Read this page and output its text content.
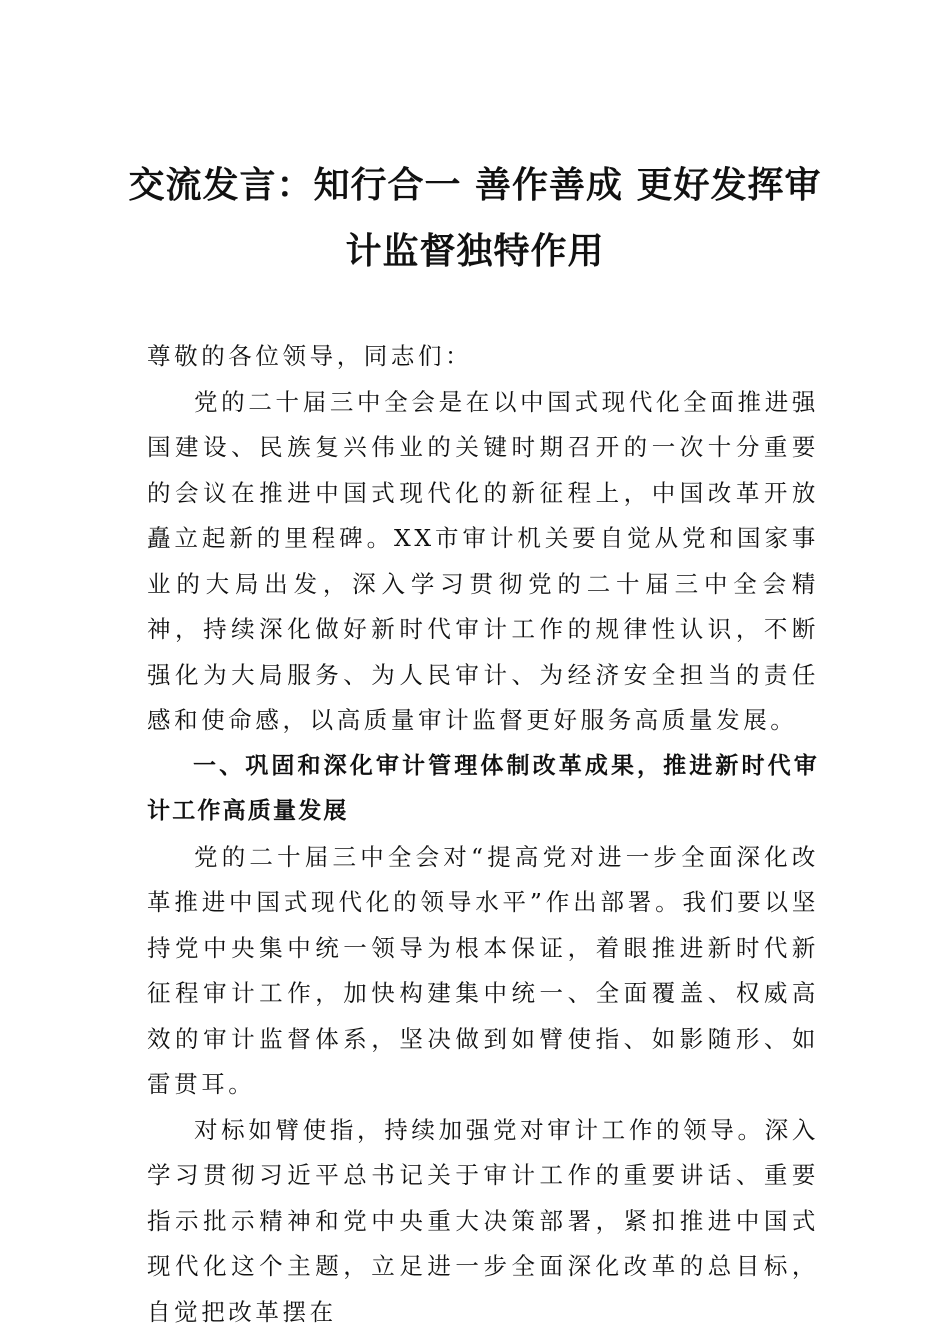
交流发言：知行合一 善作善成 更好发挥审计监督独特作用

尊敬的各位领导，同志们：

党的二十届三中全会是在以中国式现代化全面推进强国建设、民族复兴伟业的关键时期召开的一次十分重要的会议在推进中国式现代化的新征程上，中国改革开放矗立起新的里程碑。XX市审计机关要自觉从党和国家事业的大局出发，深入学习贯彻党的二十届三中全会精神，持续深化做好新时代审计工作的规律性认识，不断强化为大局服务、为人民审计、为经济安全担当的责任感和使命感，以高质量审计监督更好服务高质量发展。

一、巩固和深化审计管理体制改革成果，推进新时代审计工作高质量发展

党的二十届三中全会对“提高党对进一步全面深化改革推进中国式现代化的领导水平”作出部署。我们要以坚持党中央集中统一领导为根本保证，着眼推进新时代新征程审计工作，加快构建集中统一、全面覆盖、权威高效的审计监督体系，坚决做到如臂使指、如影随形、如雷贯耳。

对标如臂使指，持续加强党对审计工作的领导。深入学习贯彻习近平总书记关于审计工作的重要讲话、重要指示批示精神和党中央重大决策部署，紧扣推进中国式现代化这个主题，立足进一步全面深化改革的总目标，自觉把改革摆在
